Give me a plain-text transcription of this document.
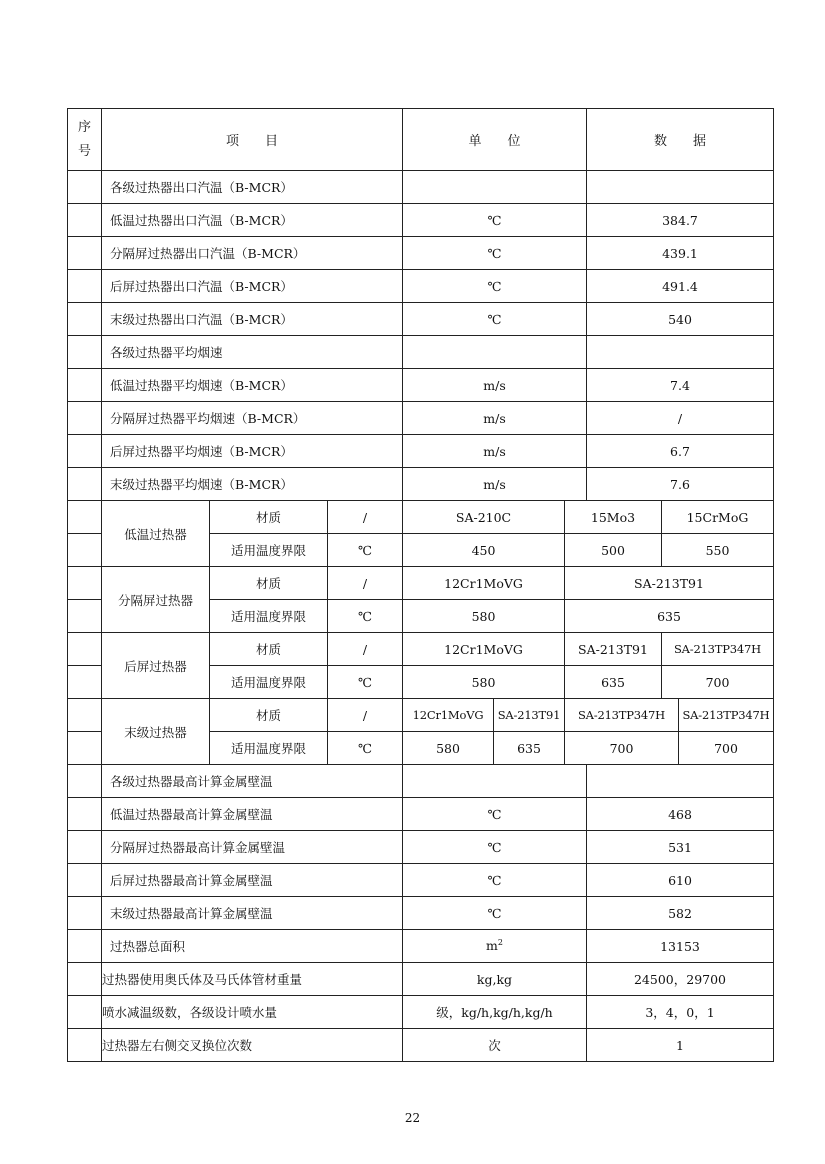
序
号	项　　目			单　　位			数　　据		
	各级过热器出口汽温（B-MCR）								
	低温过热器出口汽温（B-MCR）			℃			384.7		
	分隔屏过热器出口汽温（B-MCR）			℃			439.1		
	后屏过热器出口汽温（B-MCR）			℃			491.4		
	末级过热器出口汽温（B-MCR）			℃			540		
	各级过热器平均烟速								
	低温过热器平均烟速（B-MCR）			m/s			7.4		
	分隔屏过热器平均烟速（B-MCR）			m/s			/		
	后屏过热器平均烟速（B-MCR）			m/s			6.7		
	末级过热器平均烟速（B-MCR）			m/s			7.6		
	低温过热器	材质	/	SA-210C		15Mo3		15CrMoG	
		适用温度界限	℃	450		500		550	
	分隔屏过热器	材质	/	12Cr1MoVG		SA-213T91			
		适用温度界限	℃	580		635			
	后屏过热器	材质	/	12Cr1MoVG		SA-213T91		SA-213TP347H	
		适用温度界限	℃	580		635		700	
	末级过热器	材质	/	12Cr1MoVG	SA-213T91	SA-213TP347H			SA-213TP347H
		适用温度界限	℃	580	635	700			700
	各级过热器最高计算金属壁温								
	低温过热器最高计算金属壁温			℃			468		
	分隔屏过热器最高计算金属壁温			℃			531		
	后屏过热器最高计算金属壁温			℃			610		
	末级过热器最高计算金属壁温			℃			582		
	过热器总面积			$m^2$			13153		
	过热器使用奥氏体及马氏体管材重量			kg,kg			24500，29700		
	喷水减温级数，各级设计喷水量			级，kg/h,kg/h,kg/h			3，4，0，1		
	过热器左右侧交叉换位次数			次			1		
22
